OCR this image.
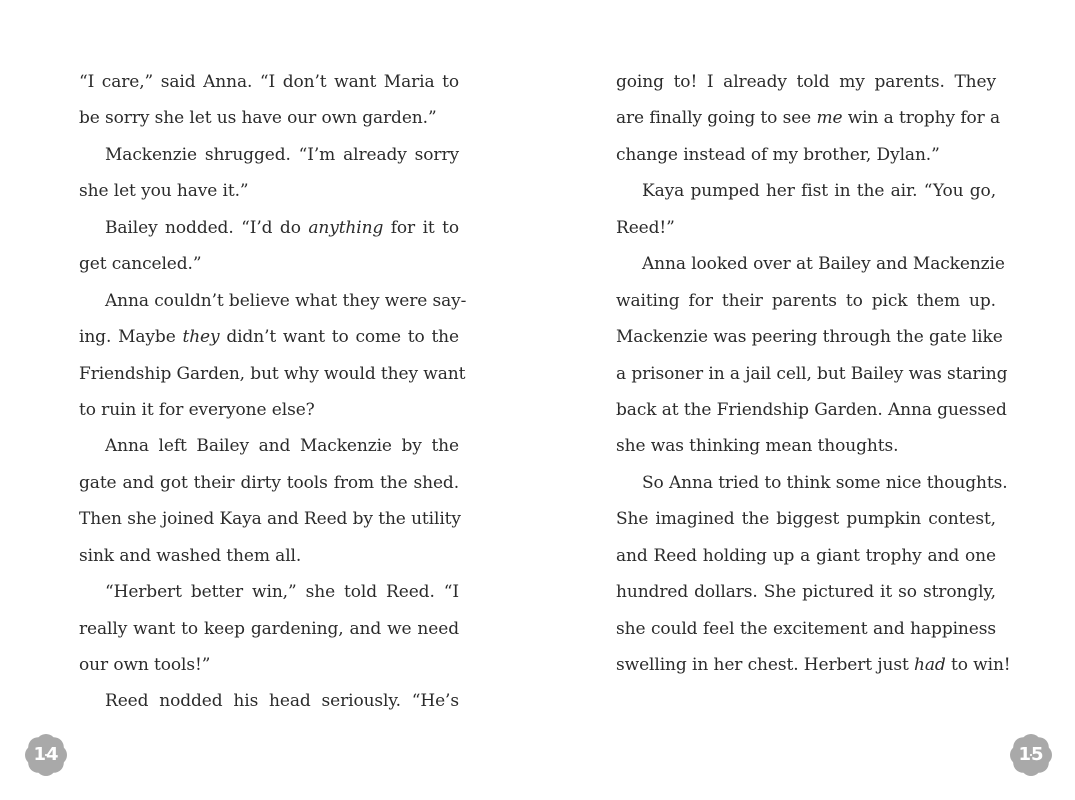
“I care,” said Anna. “I don’t want Maria to
be sorry she let us have our own garden.”
Mackenzie shrugged. “I’m already sorry
she let you have it.”
Bailey nodded. “I’d do anything for it to
get canceled.”
Anna couldn’t believe what they were say-
ing. Maybe they didn’t want to come to the
Friendship Garden, but why would they want
to ruin it for everyone else?
Anna left Bailey and Mackenzie by the
gate and got their dirty tools from the shed.
Then she joined Kaya and Reed by the utility
sink and washed them all.
“Herbert better win,” she told Reed. “I
really want to keep gardening, and we need
our own tools!”
Reed nodded his head seriously. “He’s
going to! I already told my parents. They
are finally going to see me win a trophy for a
change instead of my brother, Dylan.”
Kaya pumped her fist in the air. “You go,
Reed!”
Anna looked over at Bailey and Mackenzie
waiting for their parents to pick them up.
Mackenzie was peering through the gate like
a prisoner in a jail cell, but Bailey was staring
back at the Friendship Garden. Anna guessed
she was thinking mean thoughts.
So Anna tried to think some nice thoughts.
She imagined the biggest pumpkin contest,
and Reed holding up a giant trophy and one
hundred dollars. She pictured it so strongly,
she could feel the excitement and happiness
swelling in her chest. Herbert just had to win!
14	15
